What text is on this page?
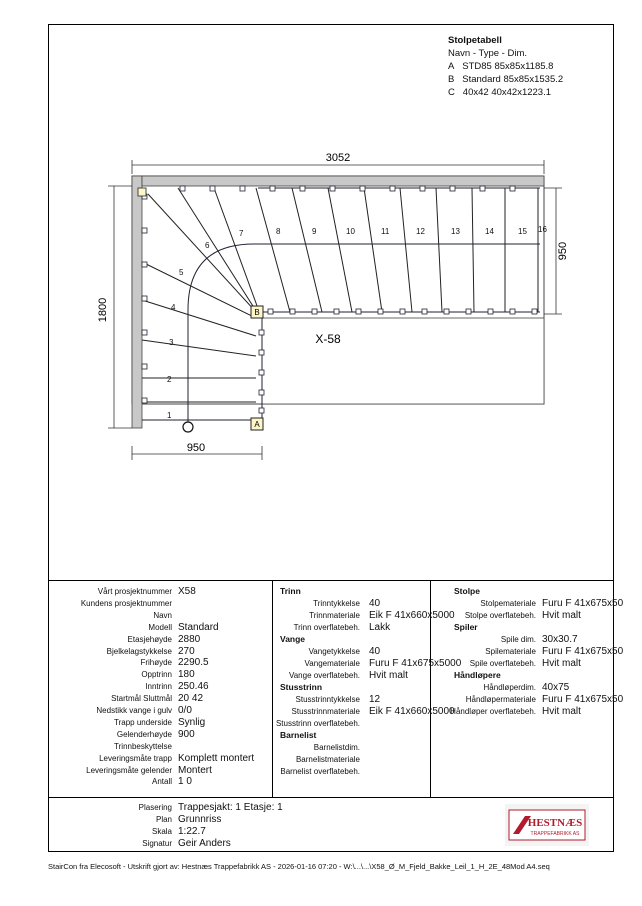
A
B
1
2
3
4
5
6
7	8	9	10	11	12	13	14	15 16
3052
1800
950
950
X-58
Stolpetabell
Navn - Type - Dim.
A STD85 85x85x1185.8
B Standard 85x85x1535.2
C 40x42 40x42x1223.1
Vårt prosjektnummer X58
Kundens prosjektnummer
Navn
Modell Standard
Etasjehøyde 2880
Bjelkelagstykkelse 270
Frihøyde 2290.5
Opptrinn 180
Inntrinn 250.46
Startmål Sluttmål 20 42
Nedstikk vange i gulv 0/0
Trapp underside Synlig
Gelenderhøyde 900
Trinnbeskyttelse
Leveringsmåte trapp Komplett montert
Leveringsmåte gelender Montert
Antall 1 0
Trinn
Trinntykkelse 40
Trinnmateriale Eik F 41x660x5000
Trinn overflatebeh. Lakk
Vange
Vangetykkelse 40
Vangemateriale Furu F 41x675x5000
Vange overflatebeh. Hvit malt
Stusstrinn
Stusstrinntykkelse 12
Stusstrinnmateriale Eik F 41x660x5000
Stusstrinn overflatebeh.
Barnelist
Barnelistdim.
Barnelistmateriale
Barnelist overflatebeh.
Stolpe
Stolpemateriale Furu F 41x675x50
Stolpe overflatebeh. Hvit malt
Spiler
Spile dim. 30x30.7
Spilemateriale Furu F 41x675x50
Spile overflatebeh. Hvit malt
Håndløpere
Håndløperdim. 40x75
Håndløpermateriale Furu F 41x675x50
Håndløper overflatebeh. Hvit malt
Plasering Trappesjakt: 1 Etasje: 1
Plan Grunnriss
Skala 1:22.7
Signatur Geir Anders
HESTNÆS
TRAPPEFABRIKK AS
StairCon fra Elecosoft - Utskrift gjort av: Hestnæs Trappefabrikk AS - 2026-01-16 07:20 - W:\...\...\X58_Ø_M_Fjeld_Bakke_Leil_1_H_2E_48Mod A4.seq
